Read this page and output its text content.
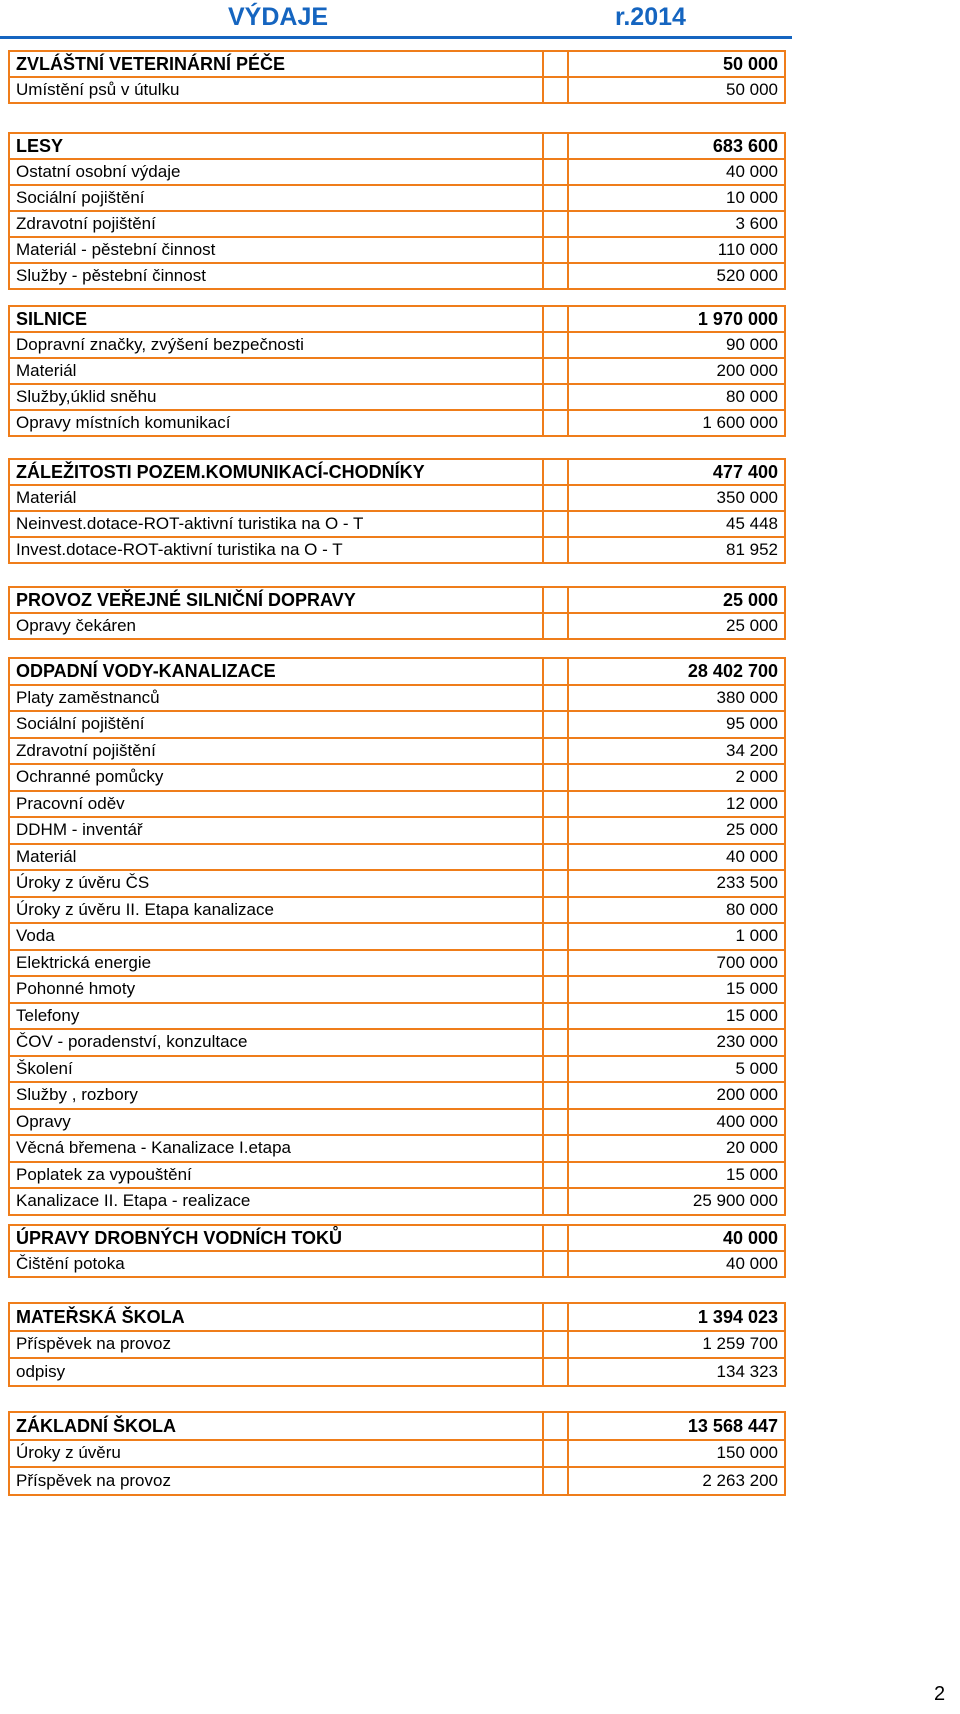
VÝDAJE	r.2014
ZVLÁŠTNÍ VETERINÁRNÍ PÉČE		50 000
Umístění psů v útulku		50 000
LESY		683 600
Ostatní osobní výdaje		40 000
Sociální pojištění		10 000
Zdravotní pojištění		3 600
Materiál - pěstební činnost		110 000
Služby - pěstební činnost		520 000
SILNICE		1 970 000
Dopravní značky, zvýšení bezpečnosti		90 000
Materiál		200 000
Služby,úklid sněhu		80 000
Opravy místních komunikací		1 600 000
ZÁLEŽITOSTI POZEM.KOMUNIKACÍ-CHODNÍKY		477 400
Materiál		350 000
Neinvest.dotace-ROT-aktivní turistika na O - T		45 448
Invest.dotace-ROT-aktivní turistika na O - T		81 952
PROVOZ VEŘEJNÉ SILNIČNÍ DOPRAVY		25 000
Opravy čekáren		25 000
ODPADNÍ VODY-KANALIZACE		28 402 700
Platy zaměstnanců		380 000
Sociální pojištění		95 000
Zdravotní pojištění		34 200
Ochranné pomůcky		2 000
Pracovní oděv		12 000
DDHM - inventář		25 000
Materiál		40 000
Úroky z úvěru ČS		233 500
Úroky z úvěru II. Etapa kanalizace		80 000
Voda		1 000
Elektrická energie		700 000
Pohonné hmoty		15 000
Telefony		15 000
ČOV - poradenství, konzultace		230 000
Školení		5 000
Služby , rozbory		200 000
Opravy		400 000
Věcná břemena - Kanalizace I.etapa		20 000
Poplatek za vypouštění		15 000
Kanalizace II. Etapa - realizace		25 900 000
ÚPRAVY DROBNÝCH VODNÍCH TOKŮ		40 000
Čištění potoka		40 000
MATEŘSKÁ ŠKOLA		1 394 023
Příspěvek na provoz		1 259 700
odpisy		134 323
ZÁKLADNÍ ŠKOLA		13 568 447
Úroky z úvěru		150 000
Příspěvek na provoz		2 263 200
2
